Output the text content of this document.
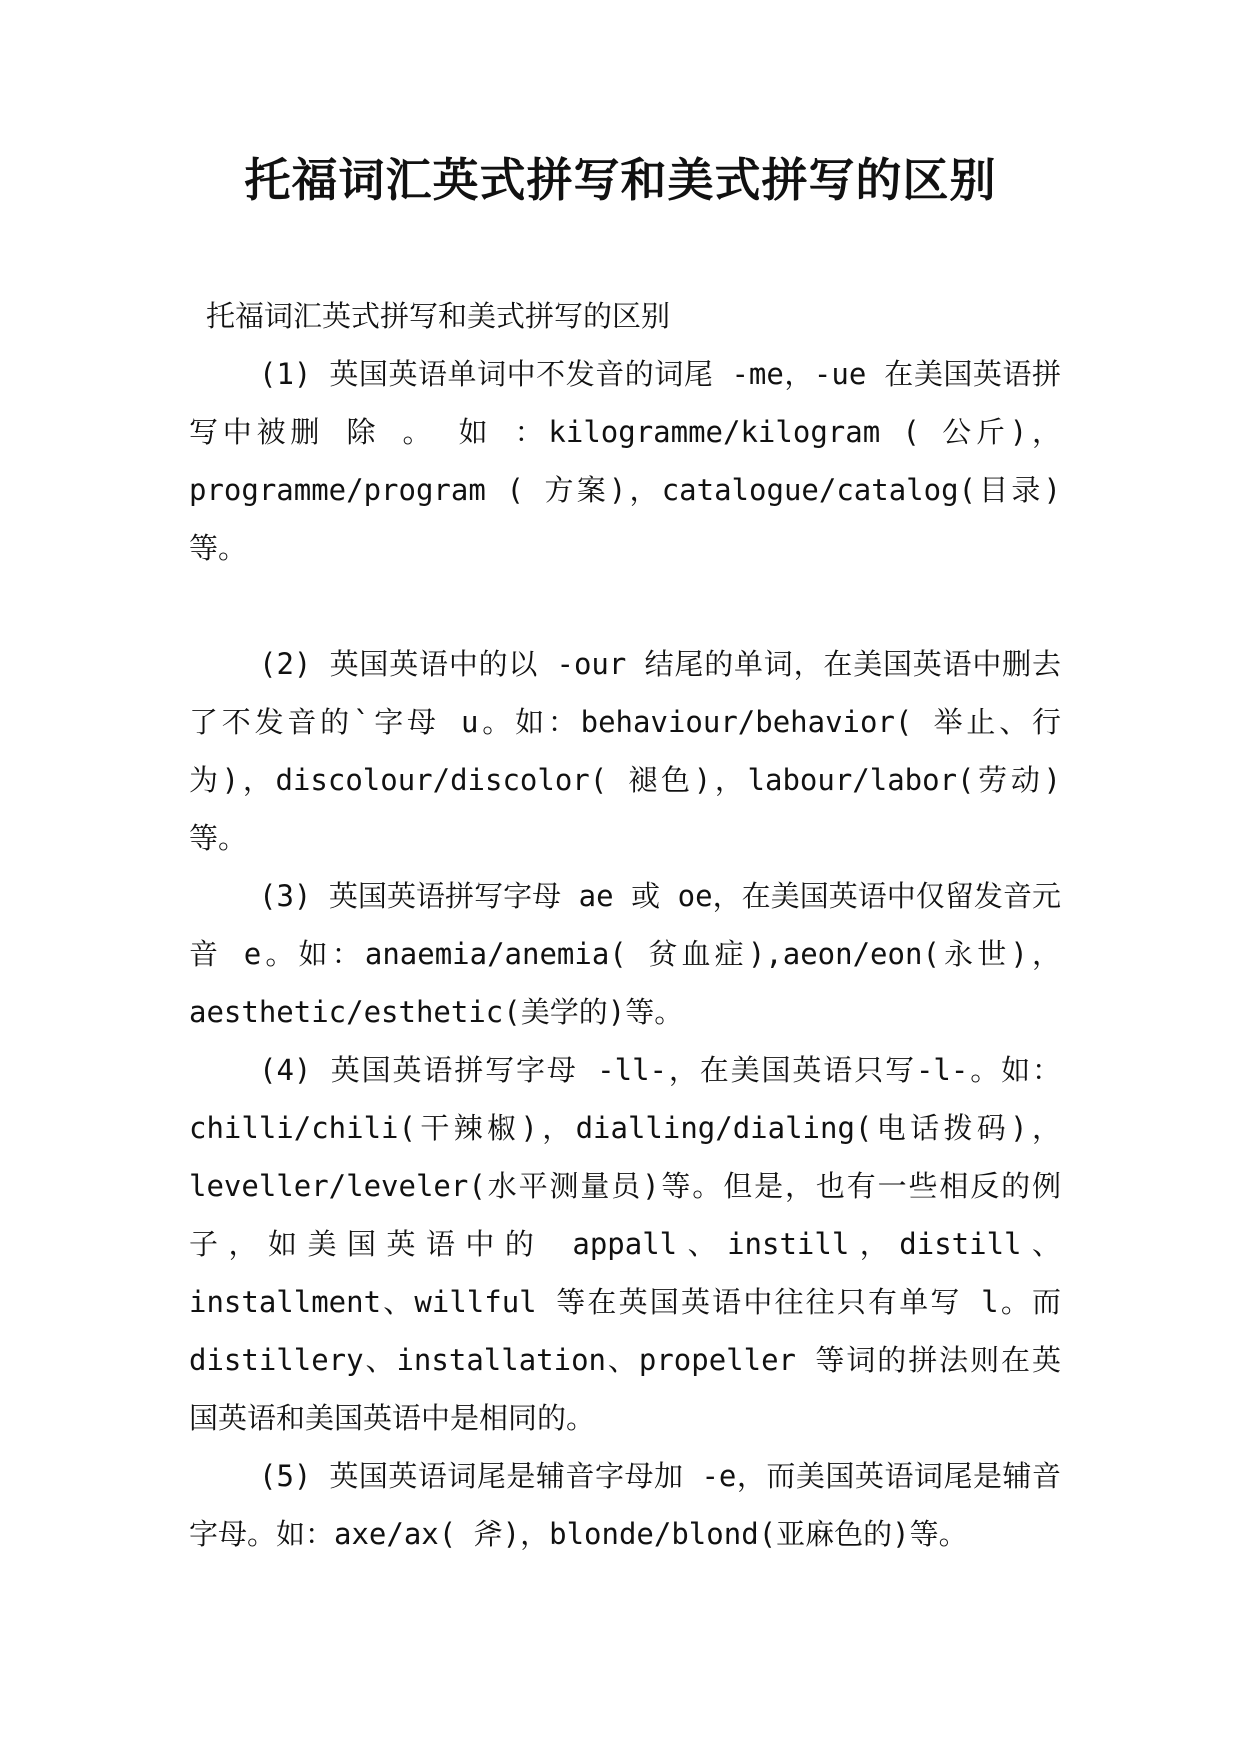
托福词汇英式拼写和美式拼写的区别

托福词汇英式拼写和美式拼写的区别

(1) 英国英语单词中不发音的词尾 -me，-ue 在美国英语拼写中被删 除 。 如 ：kilogramme/kilogram ( 公斤)，programme/program ( 方案)，catalogue/catalog(目录)等。

(2) 英国英语中的以 -our 结尾的单词，在美国英语中删去了不发音的`字母 u。如：behaviour/behavior( 举止、行为)，discolour/discolor( 褪色)，labour/labor(劳动)等。

(3) 英国英语拼写字母 ae 或 oe，在美国英语中仅留发音元音 e。如：anaemia/anemia( 贫血症),aeon/eon(永世)，aesthetic/esthetic(美学的)等。

(4) 英国英语拼写字母 -ll-，在美国英语只写-l-。如：chilli/chili(干辣椒)，dialling/dialing(电话拨码)，leveller/leveler(水平测量员)等。但是，也有一些相反的例子，如美国英语中的 appall、instill，distill、installment、willful 等在英国英语中往往只有单写 l。而 distillery、installation、propeller 等词的拼法则在英国英语和美国英语中是相同的。

(5) 英国英语词尾是辅音字母加 -e，而美国英语词尾是辅音字母。如：axe/ax( 斧)，blonde/blond(亚麻色的)等。
